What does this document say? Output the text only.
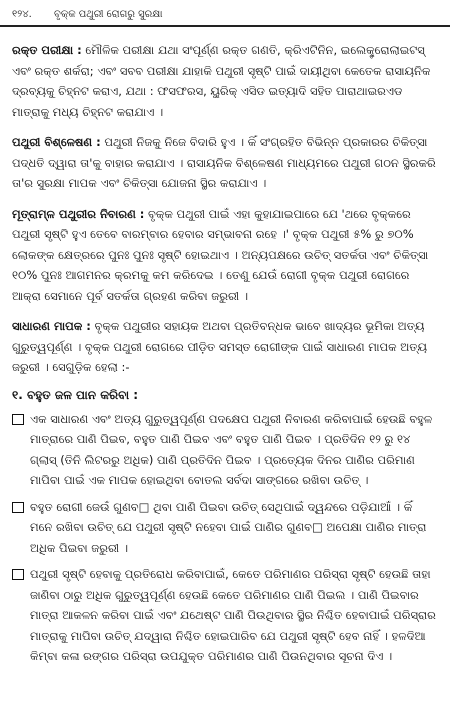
୧୨୪.	ବୃକ୍କ ପଥୁରୀ ରୋଗରୁ ସୁରକ୍ଷା

ରକ୍ତ ପରୀକ୍ଷା : ମୌଳିକ ପରୀକ୍ଷା ଯଥା ସଂପୂର୍ଣ୍ଣ ରକ୍ତ ଗଣତି, କ୍ରିଏଟିନିନ, ଇଲେକ୍ଟ୍ରୋଲାଇଟସ୍ ଏବଂ ରକ୍ତ ଶର୍କରା; ଏବଂ ସବବ ପରୀକ୍ଷା ଯାହାକି ପଥୁରୀ ସୃଷ୍ଟି ପାଇଁ ଦାୟୀଥିବା କେତେକ ରାସାୟନିକ ଦ୍ରବ୍ୟକୁ ଚିହ୍ନଟ କରାଏ, ଯଥା : ଫସଫରସ, ୟୁରିକ୍ ଏସିଡ ଇତ୍ୟାଦି ସହିତ ପାରାଥାଇରଏଡ ମାତ୍ରାକୁ ମଧ୍ୟ ଚିହ୍ନଟ କରାଯାଏ ।

ପଥୁରୀ ବିଶ୍ଳେଷଣ : ପଥୁରୀ ନିଜକୁ ନିଜେ ବିଦାରି ହୁଏ । କିଁ ସଂଗ୍ରହିତ ବିଭିନ୍ନ ପ୍ରକାରର ଚିକିତ୍ସା ପଦ୍ଧତି ଦ୍ୱାରା ତା'କୁ ବାହାର କରାଯାଏ । ରାସାୟନିକ ବିଶ୍ଳେଷଣ ମାଧ୍ୟମରେ ପଥୁରୀ ଗଠନ ସ୍ଥିରକରି ତା'ର ସୁରକ୍ଷା ମାପକ ଏବଂ ଚିକିତ୍ସା ଯୋଜନା ସ୍ଥିର କରାଯାଏ ।

ମୂତ୍ରାମ୍ଳ ପଥୁରୀର ନିବାରଣ : ବୃକ୍କ ପଥୁରୀ ପାଇଁ ଏହା କୁହାଯାଇପାରେ ଯେ 'ଥରେ ବୃକ୍କରେ ପଥୁରୀ ସୃଷ୍ଟି ହୁଏ ତେବେ ବାରମ୍ବାର ହେବାର ସମ୍ଭାବନା ରହେ ।' ବୃକ୍କ ପଥୁରୀ ୫% ରୁ ୭୦% ଲୋକଙ୍କ କ୍ଷେତ୍ରରେ ପୁନଃ ପୁନଃ ସୃଷ୍ଟି ହୋଇଥାଏ । ଅନ୍ୟପକ୍ଷରେ ଉଚିତ୍ ସତର୍କତା ଏବଂ ଚିକିତ୍ସା ୧୦% ପୁନଃ ଆଗମନର କ୍ରମକୁ କମ କରିଦେଇ । ତେଣୁ ଯେଉଁ ରୋଗୀ ବୃକ୍କ ପଥୁରୀ ରୋଗରେ ଆକ୍ରା ସେମାନେ ପୂର୍ବ ସତର୍କତା ଗ୍ରହଣ କରିବା ଜରୁରୀ ।

ସାଧାରଣ ମାପକ : ବୃକ୍କ ପଥୁରୀର ସହାୟକ ଅଥବା ପ୍ରତିବନ୍ଧକ ଭାବେ ଖାଦ୍ୟର ଭୂମିକା ଅତ୍ୟ ଗୁରୁତ୍ୱପୂର୍ଣ୍ଣ । ବୃକ୍କ ପଥୁରୀ ରୋଗରେ ପୀଡ଼ିତ ସମସ୍ତ ରୋଗୀଙ୍କ ପାଇଁ ସାଧାରଣ ମାପକ ଅତ୍ୟ ଜରୁରୀ । ସେଗୁଡ଼ିକ ହେଲା :-

୧. ବହୁତ ଜଳ ପାନ କରିବା :
ଏକ ସାଧାରଣ ଏବଂ ଅତ୍ୟ ଗୁରୁତ୍ୱପୂର୍ଣ୍ଣ ପଦକ୍ଷେପ ପଥୁରୀ ନିବାରଣ କରିବାପାଇଁ ହେଉଛି ବହୁଳ ମାତ୍ରାରେ ପାଣି ପିଇବ, ବହୁତ ପାଣି ପିଇବ ଏବଂ ବହୁତ ପାଣି ପିଇବ । ପ୍ରତିଦିନ ୧୨ ରୁ ୧୪ ଗ୍ଲାସ୍ (ତିନି ଲିଟରରୁ ଅଧିକ) ପାଣି ପ୍ରତିଦିନ ପିଇବ । ପ୍ରତ୍ୟେକ ଦିନର ପାଣିର ପରିମାଣ ମାପିବା ପାଇଁ ଏକ ମାପକ ହୋଇଥିବା ବୋତଲ ସର୍ବଦା ସାଙ୍ଗରେ ରଖିବା ଉଚିତ୍ ।
ବହୁତ ରୋଗୀ ଜେଉଁ ଗୁଣବ□ ଥିବା ପାଣି ପିଇବା ଉଚିତ୍ ସେଥିପାଇଁ ଦ୍ୱନ୍ଦରେ ପଡ଼ିଯାଆଁ । କିଁ ମନେ ରଖିବା ଉଚିତ୍ ଯେ ପଥୁରୀ ସୃଷ୍ଟି ନହେବା ପାଇଁ ପାଣିର ଗୁଣବ□ ଅପେକ୍ଷା ପାଣିର ମାତ୍ରା ଅଧିକ ପିଇବା ଜରୁରୀ ।
ପଥୁରୀ ସୃଷ୍ଟି ହେବାକୁ ପ୍ରତିରୋଧ କରିବାପାଇଁ, କେତେ ପରିମାଣର ପରିସ୍ରା ସୃଷ୍ଟି ହେଉଛି ତାହା ଜାଣିବା ଠାରୁ ଅଧିକ ଗୁରୁତ୍ୱପୂର୍ଣ୍ଣ ହେଉଛି କେତେ ପରିମାଣର ପାଣି ପିଇଲ । ପାଣି ପିଇବାର ମାତ୍ରା ଆକଳନ କରିବା ପାଇଁ ଏବଂ ଯଥେଷ୍ଟ ପାଣି ପିଉଥିବାର ସ୍ଥିର ନିଶ୍ଚିତ ହେବାପାଇଁ ପରିସ୍ରାର ମାତ୍ରାକୁ ମାପିବା ଉଚିତ୍ ଯଦ୍ୱାରା ନିଶ୍ଚିତ ହୋଇପାରିବ ଯେ ପଥୁରୀ ସୃଷ୍ଟି ହେବ ନାହିଁ । ହଳଦିଆ କିମ୍ବା କଳା ରଙ୍ଗର ପରିସ୍ରା ଉପଯୁକ୍ତ ପରିମାଣର ପାଣି ପିଉନଥିବାର ସୂଚନା ଦିଏ ।
